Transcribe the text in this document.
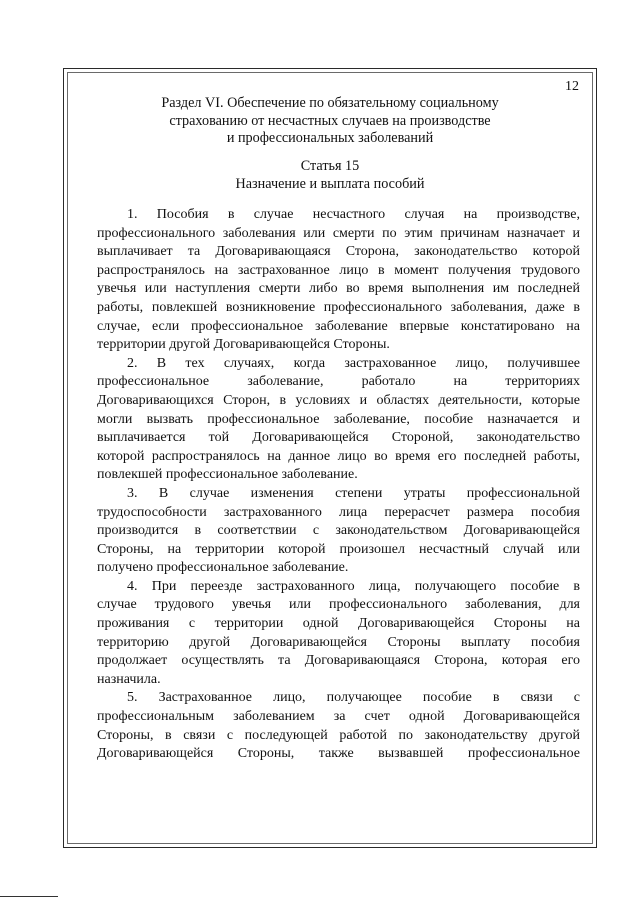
12
Раздел VI. Обеспечение по обязательному социальному
страхованию от несчастных случаев на производстве
и профессиональных заболеваний
Статья 15
Назначение и выплата пособий
1. Пособия в случае несчастного случая на производстве,
профессионального заболевания или смерти по этим причинам назначает и
выплачивает та Договаривающаяся Сторона, законодательство которой
распространялось на застрахованное лицо в момент получения трудового
увечья или наступления смерти либо во время выполнения им последней
работы, повлекшей возникновение профессионального заболевания, даже в
случае, если профессиональное заболевание впервые констатировано на
территории другой Договаривающейся Стороны.
2. В тех случаях, когда застрахованное лицо, получившее
профессиональное заболевание, работало на территориях
Договаривающихся Сторон, в условиях и областях деятельности, которые
могли вызвать профессиональное заболевание, пособие назначается и
выплачивается той Договаривающейся Стороной, законодательство
которой распространялось на данное лицо во время его последней работы,
повлекшей профессиональное заболевание.
3. В случае изменения степени утраты профессиональной
трудоспособности застрахованного лица перерасчет размера пособия
производится в соответствии с законодательством Договаривающейся
Стороны, на территории которой произошел несчастный случай или
получено профессиональное заболевание.
4. При переезде застрахованного лица, получающего пособие в
случае трудового увечья или профессионального заболевания, для
проживания с территории одной Договаривающейся Стороны на
территорию другой Договаривающейся Стороны выплату пособия
продолжает осуществлять та Договаривающаяся Сторона, которая его
назначила.
5. Застрахованное лицо, получающее пособие в связи с
профессиональным заболеванием за счет одной Договаривающейся
Стороны, в связи с последующей работой по законодательству другой
Договаривающейся Стороны, также вызвавшей профессиональное
